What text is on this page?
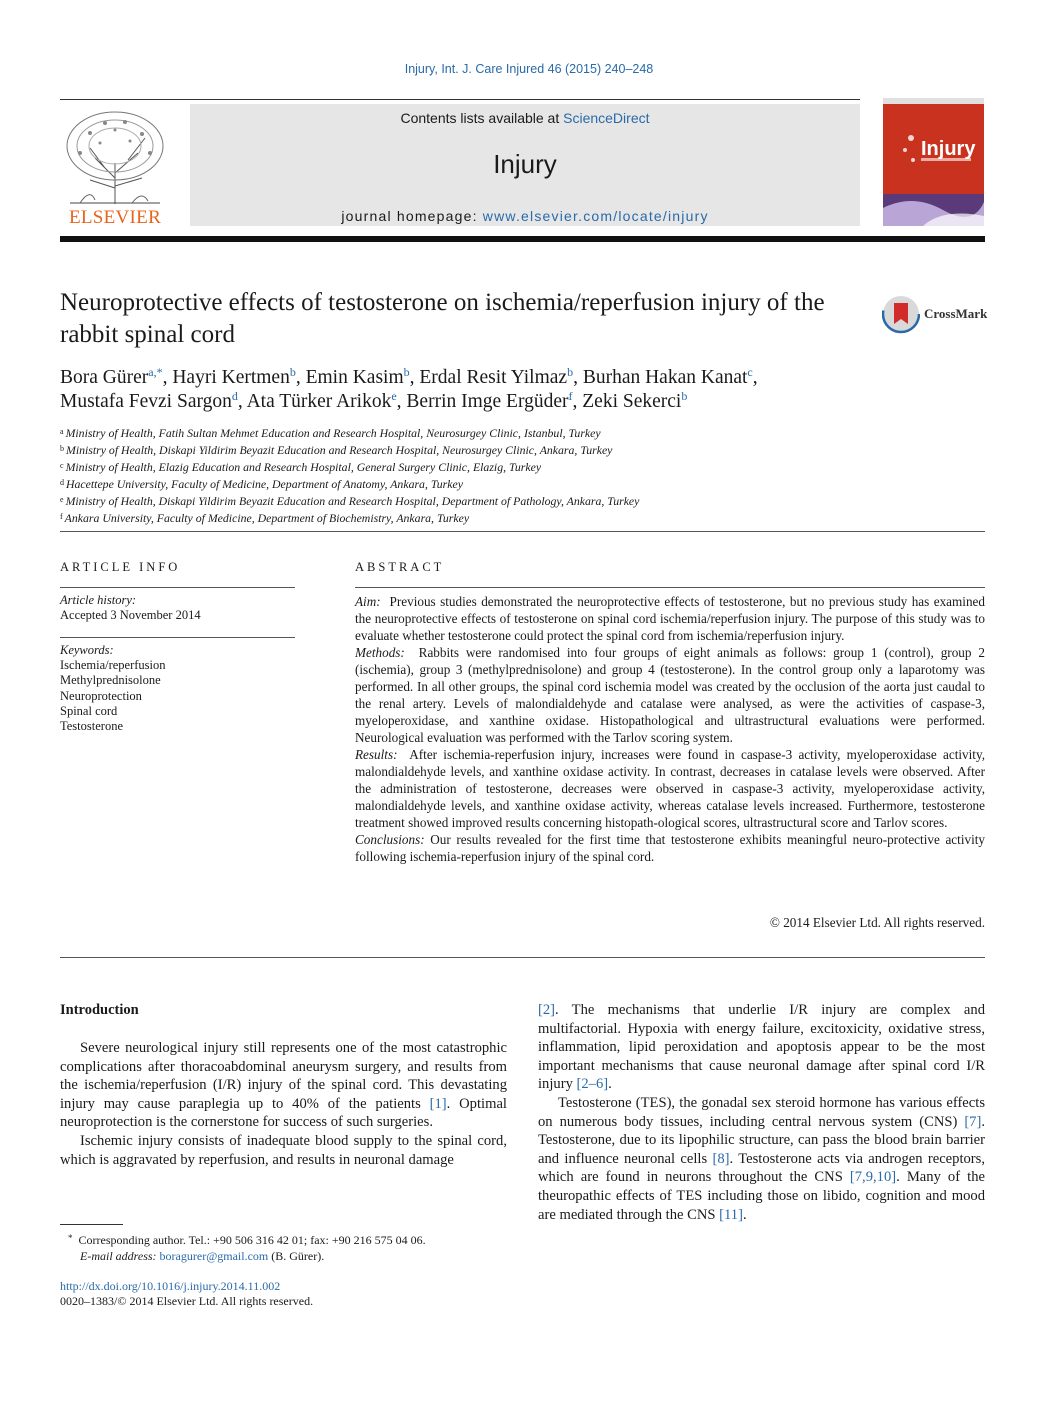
Injury, Int. J. Care Injured 46 (2015) 240–248
ELSEVIER
Contents lists available at ScienceDirect
Injury
journal homepage: www.elsevier.com/locate/injury
Injury
Neuroprotective effects of testosterone on ischemia/reperfusion injury of the rabbit spinal cord
CrossMark
Bora Gürer$^{a,*}$, Hayri Kertmen$^b$, Emin Kasim$^b$, Erdal Resit Yilmaz$^b$, Burhan Hakan Kanat$^c$,
Mustafa Fevzi Sargon$^d$, Ata Türker Arikok$^e$, Berrin Imge Ergüder$^f$, Zeki Sekerci$^b$
$^a$ Ministry of Health, Fatih Sultan Mehmet Education and Research Hospital, Neurosurgey Clinic, Istanbul, Turkey
$^b$ Ministry of Health, Diskapi Yildirim Beyazit Education and Research Hospital, Neurosurgey Clinic, Ankara, Turkey
$^c$ Ministry of Health, Elazig Education and Research Hospital, General Surgery Clinic, Elazig, Turkey
$^d$ Hacettepe University, Faculty of Medicine, Department of Anatomy, Ankara, Turkey
$^e$ Ministry of Health, Diskapi Yildirim Beyazit Education and Research Hospital, Department of Pathology, Ankara, Turkey
$^f$ Ankara University, Faculty of Medicine, Department of Biochemistry, Ankara, Turkey
ARTICLE INFO
Article history:
Accepted 3 November 2014
Keywords:
Ischemia/reperfusion
Methylprednisolone
Neuroprotection
Spinal cord
Testosterone
ABSTRACT

Aim: Previous studies demonstrated the neuroprotective effects of testosterone, but no previous study has examined the neuroprotective effects of testosterone on spinal cord ischemia/reperfusion injury. The purpose of this study was to evaluate whether testosterone could protect the spinal cord from ischemia/reperfusion injury.

Methods: Rabbits were randomised into four groups of eight animals as follows: group 1 (control), group 2 (ischemia), group 3 (methylprednisolone) and group 4 (testosterone). In the control group only a laparotomy was performed. In all other groups, the spinal cord ischemia model was created by the occlusion of the aorta just caudal to the renal artery. Levels of malondialdehyde and catalase were analysed, as were the activities of caspase-3, myeloperoxidase, and xanthine oxidase. Histopathological and ultrastructural evaluations were performed. Neurological evaluation was performed with the Tarlov scoring system.

Results: After ischemia-reperfusion injury, increases were found in caspase-3 activity, myeloperoxidase activity, malondialdehyde levels, and xanthine oxidase activity. In contrast, decreases in catalase levels were observed. After the administration of testosterone, decreases were observed in caspase-3 activity, myeloperoxidase activity, malondialdehyde levels, and xanthine oxidase activity, whereas catalase levels increased. Furthermore, testosterone treatment showed improved results concerning histopath-ological scores, ultrastructural score and Tarlov scores.

Conclusions: Our results revealed for the first time that testosterone exhibits meaningful neuro-protective activity following ischemia-reperfusion injury of the spinal cord.

© 2014 Elsevier Ltd. All rights reserved.
Introduction

Severe neurological injury still represents one of the most catastrophic complications after thoracoabdominal aneurysm surgery, and results from the ischemia/reperfusion (I/R) injury of the spinal cord. This devastating injury may cause paraplegia up to 40% of the patients [1]. Optimal neuroprotection is the cornerstone for success of such surgeries.

Ischemic injury consists of inadequate blood supply to the spinal cord, which is aggravated by reperfusion, and results in neuronal damage

[2]. The mechanisms that underlie I/R injury are complex and multifactorial. Hypoxia with energy failure, excitoxicity, oxidative stress, inflammation, lipid peroxidation and apoptosis appear to be the most important mechanisms that cause neuronal damage after spinal cord I/R injury [2–6].

Testosterone (TES), the gonadal sex steroid hormone has various effects on numerous body tissues, including central nervous system (CNS) [7]. Testosterone, due to its lipophilic structure, can pass the blood brain barrier and influence neuronal cells [8]. Testosterone acts via androgen receptors, which are found in neurons throughout the CNS [7,9,10]. Many of the theuropathic effects of TES including those on libido, cognition and mood are mediated through the CNS [11].

* Corresponding author. Tel.: +90 506 316 42 01; fax: +90 216 575 04 06.
E-mail address: boragurer@gmail.com (B. Gürer).
http://dx.doi.org/10.1016/j.injury.2014.11.002
0020–1383/© 2014 Elsevier Ltd. All rights reserved.
